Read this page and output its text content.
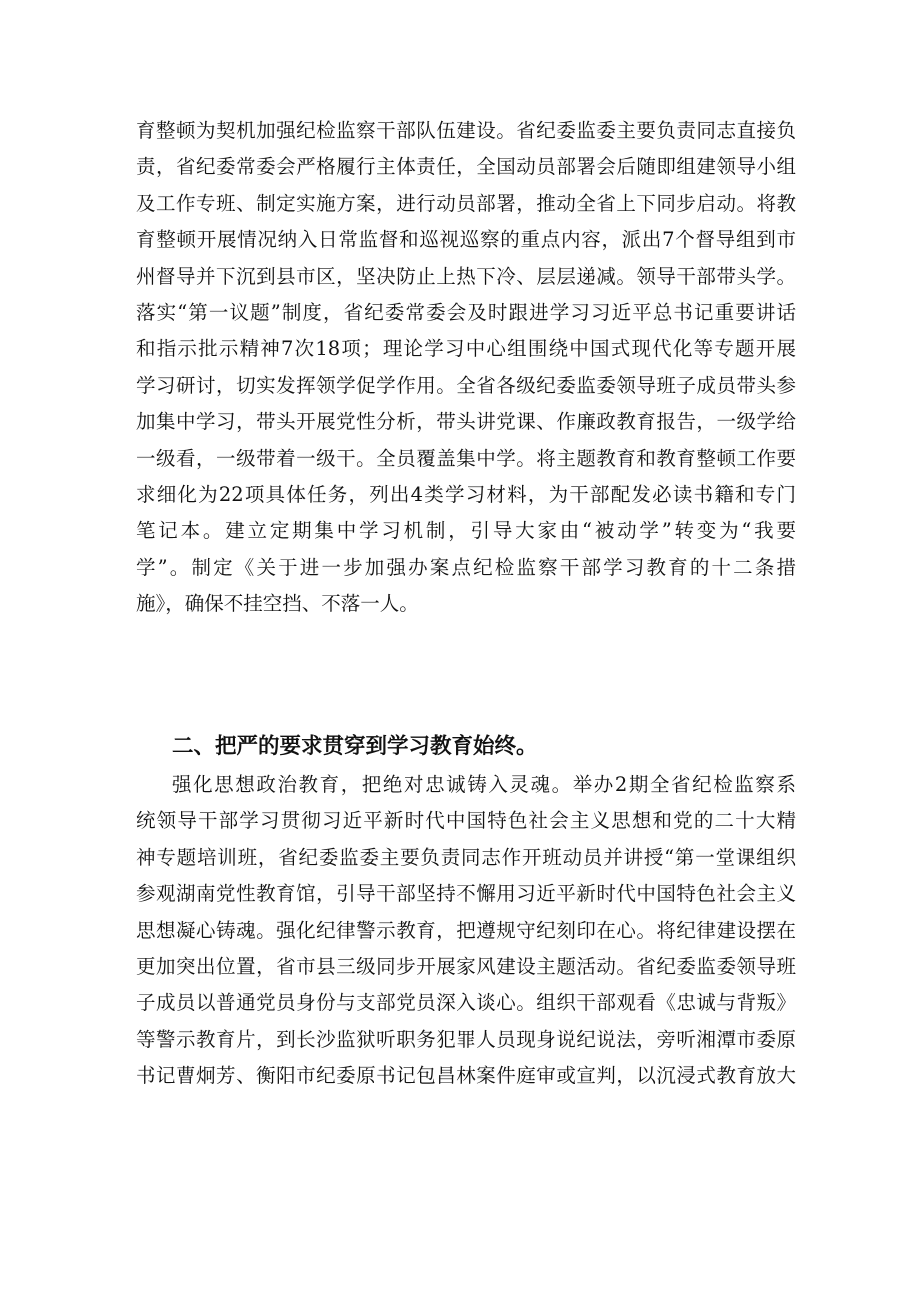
育整顿为契机加强纪检监察干部队伍建设。省纪委监委主要负责同志直接负
责，省纪委常委会严格履行主体责任，全国动员部署会后随即组建领导小组
及工作专班、制定实施方案，进行动员部署，推动全省上下同步启动。将教
育整顿开展情况纳入日常监督和巡视巡察的重点内容，派出7个督导组到市
州督导并下沉到县市区，坚决防止上热下冷、层层递减。领导干部带头学。
落实“第一议题”制度，省纪委常委会及时跟进学习习近平总书记重要讲话
和指示批示精神7次18项；理论学习中心组围绕中国式现代化等专题开展
学习研讨，切实发挥领学促学作用。全省各级纪委监委领导班子成员带头参
加集中学习，带头开展党性分析，带头讲党课、作廉政教育报告，一级学给
一级看，一级带着一级干。全员覆盖集中学。将主题教育和教育整顿工作要
求细化为22项具体任务，列出4类学习材料，为干部配发必读书籍和专门
笔记本。建立定期集中学习机制，引导大家由“被动学”转变为“我要
学”。制定《关于进一步加强办案点纪检监察干部学习教育的十二条措
施》，确保不挂空挡、不落一人。
二、把严的要求贯穿到学习教育始终。
强化思想政治教育，把绝对忠诚铸入灵魂。举办2期全省纪检监察系
统领导干部学习贯彻习近平新时代中国特色社会主义思想和党的二十大精
神专题培训班，省纪委监委主要负责同志作开班动员并讲授“第一堂课组织
参观湖南党性教育馆，引导干部坚持不懈用习近平新时代中国特色社会主义
思想凝心铸魂。强化纪律警示教育，把遵规守纪刻印在心。将纪律建设摆在
更加突出位置，省市县三级同步开展家风建设主题活动。省纪委监委领导班
子成员以普通党员身份与支部党员深入谈心。组织干部观看《忠诚与背叛》
等警示教育片，到长沙监狱听职务犯罪人员现身说纪说法，旁听湘潭市委原
书记曹炯芳、衡阳市纪委原书记包昌林案件庭审或宣判，以沉浸式教育放大
